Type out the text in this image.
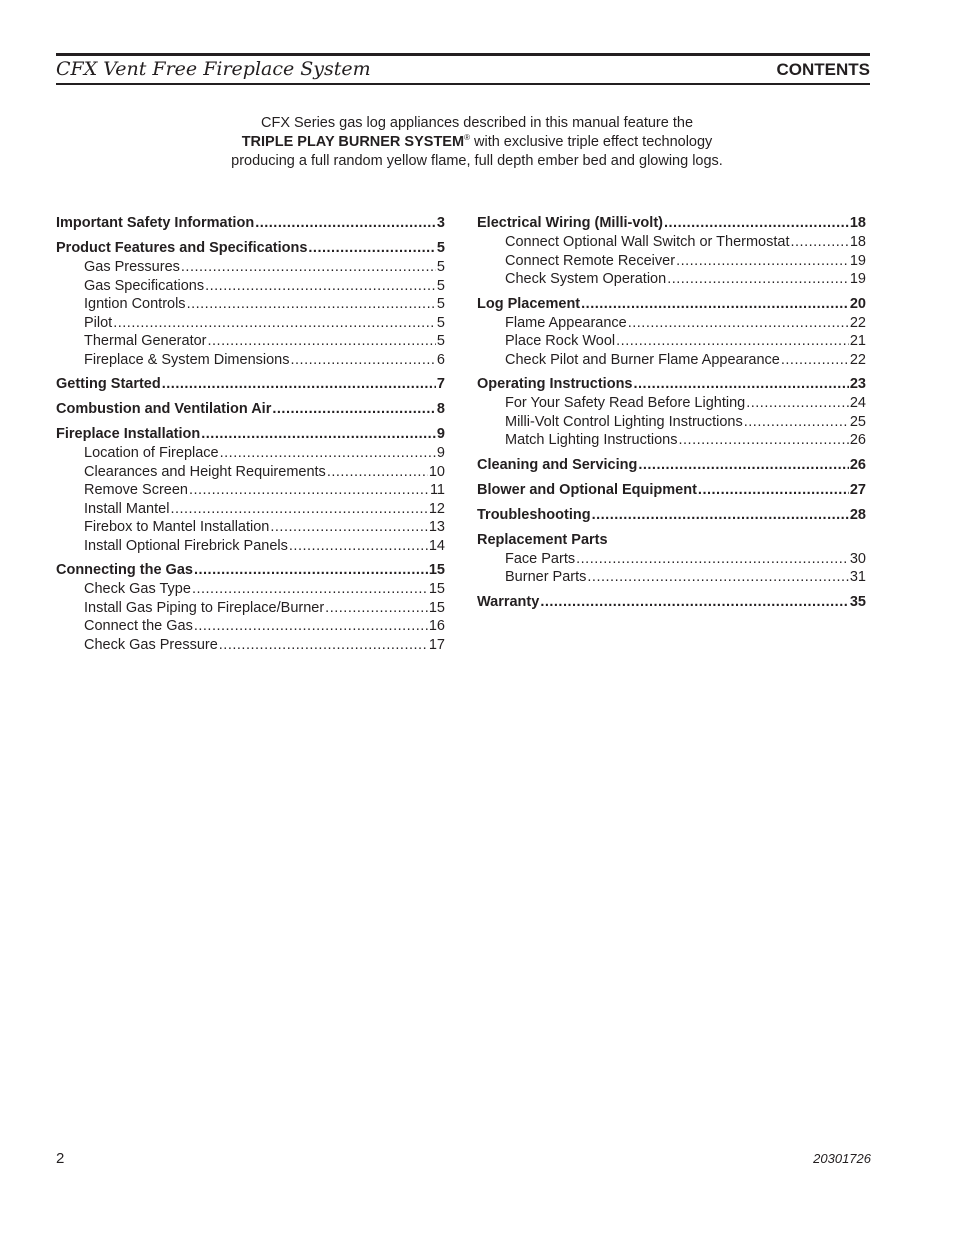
CFX Vent Free Fireplace System	CONTENTS
CFX Series gas log appliances described in this manual feature the
TRIPLE PLAY BURNER SYSTEM® with exclusive triple effect technology
producing a full random yellow flame, full depth ember bed and glowing logs.
Important Safety Information .....	3
Product Features and Specifications .....	5
Gas Pressures .....	5
Gas Specifications .....	5
Igntion Controls .....	5
Pilot .....	5
Thermal Generator .....	5
Fireplace & System Dimensions .....	6
Getting Started .....	7
Combustion and Ventilation Air .....	8
Fireplace Installation .....	9
Location of Fireplace .....	9
Clearances and Height Requirements .....	10
Remove Screen .....	11
Install Mantel .....	12
Firebox to Mantel Installation .....	13
Install Optional Firebrick Panels .....	14
Connecting the Gas .....	15
Check Gas Type .....	15
Install Gas Piping to Fireplace/Burner .....	15
Connect the Gas .....	16
Check Gas Pressure .....	17
Electrical Wiring (Milli-volt) .....	18
Connect Optional Wall Switch or Thermostat .....	18
Connect Remote Receiver .....	19
Check System Operation .....	19
Log Placement .....	20
Flame Appearance .....	22
Place Rock Wool .....	21
Check Pilot and Burner Flame Appearance .....	22
Operating Instructions .....	23
For Your Safety Read Before Lighting .....	24
Milli-Volt Control Lighting Instructions .....	25
Match Lighting Instructions .....	26
Cleaning and Servicing .....	26
Blower and Optional Equipment .....	27
Troubleshooting .....	28
Replacement Parts
Face Parts .....	30
Burner Parts .....	31
Warranty .....	35
2	20301726
